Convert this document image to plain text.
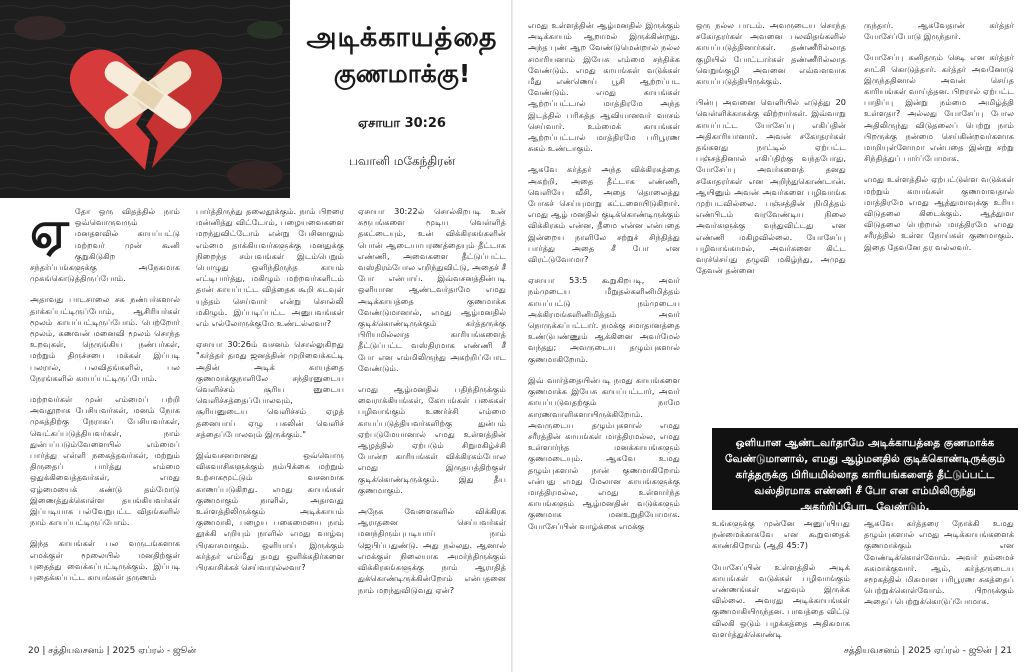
அடிக்காயத்தை
குணமாக்கு!
ஏசாயா 30:26
பவானி மகேந்திரன்

ஏதோ ஒரு விதத்தில் நாம் ஒவ்வொருவரும் மனதளவில் காயப்பட்டு மற்றவர் முன் கூனி குறுகிடுகிற சந்தர்ப்பங்களுக்கு அநேகமாக முகங்கொடுத்திருப்போம்.

அதாவது பாடசாலை சக நண்பர்களால் தாக்கப்பட்டிருப்போம், ஆசிரியர்கள் மூலம் காயப்பட்டிருப்போம். பெற்றோர் மூலம், கணவன் மனைவி மூலம் சொந்த உறவுகள், நெருங்கிய நண்பர்கள், மற்றும் திருச்சபை மக்கள் இப்படி பலரால், பலவிதங்களில், பல நேரங்களில் காயப்பட்டிருப்போம்.

மற்றவர்கள் முன் எம்மைப் பற்றி அவதூறாக பேசியவர்கள், மனம் நோக முகத்திற்கு நேராகப் பேசியவர்கள், வெட்கப்படுத்தியவர்கள், நாம் துன்பப்படும்வேளையில் எம்மைப் பார்த்து எள்ளி நகைத்தவர்கள், மற்றும் திருதைப் பார்த்து எம்மை ஒதுக்கிவைத்தவர்கள், எமது ஏழ்மையைக் கண்டு தம்மோடு இணைத்துக்கொள்ள தயங்கியவர்கள் இப்படியாக பல்வேறுபட்ட விதங்களில் நாம் காயப்பட்டிருப்போம்.

இந்த காயங்கள் பல வருடங்களாக எமக்குள் மூலையில் மனதிற்குள் புதைத்து வைக்கப்பட்டிருக்கும். இப்படி புதைக்கப்பட்ட காயங்கள் தருணம்

பார்த்திருந்து தலைதூக்கும். நாம் பிறரை மன்னித்து விட்டோம், பழையவைகளை மறந்துவிட்டோம் என்று பேசினாலும் எம்மை தாக்கியவர்களுக்கு மனதுக்கு நிறைந்த சம்பவங்கள் இடம்பெறும் பொழுது ஒளிந்திருந்த காயம் எட்டிபார்த்து, மகிழும் மற்றவர்களிடம் தான் காயப்பட்ட வித்தைக கூறி கடவுள் யுத்தம் செய்வார் என்று சொல்லி மகிழும். இப்படிப்பட்ட அனுபவங்கள் எம் எல்லோருக்குமே உண்டல்லவா?

ஏசாயா 30:26ம் வசனம் சொல்லுகிறது "கர்த்தர் தமது ஜனத்தின் முறிவைக்கட்டி அதின் அடிக் காயத்தை குணமாக்குநாளிலே சந்திரனுடைய வெளிச்சம் சூரிய னுடைய வெளிச்சத்தைப்போலவும், சூரியனுடைய வெளிச்சம் ஏழத் தனையாய் ஏழு பகலின் வெளிச் சத்தைப்போலவும் இருக்கும்."

இவ்வசனமானது ஒவ்வொரு விசுவாசிகளுக்கும் நம்பிக்கை மற்றும் உற்சாகமூட்டும் வசனமாக காணப்படுகிறது. எமது காயங்கள் குணமாகும் நாளில், அதாவது உள்ளத்திலிருக்கும் அடிக்காயம் குணமாகி, பழைய பகைமையை நாம் தூக்கி எறியும் நாளில் எமது வாழ்வு பிரகாசமாகும். ஒளியாய் இருக்கும் கர்த்தர் எம்மீது தமது ஒளிக்கதிர்களை பிரகாசிக்கச் செய்வாரல்லவா?

ஏசாயா 30:22ல் சொல்கிறபடி உன் சுரூபங்களை மூடிய வெள்ளித் தகட்டையும், உன் விக்கிரகங்களின் பொன் ஆடையாபரணத்தையும் தீட்டாக எண்ணி, அவைகளை தீட்டுப்பட்ட வஸ்திரம்போல எறிந்துவிட்டு, அதைச் சீ போ என்பாய். இவ்வசனத்தின்படி ஒளியான ஆண்டவர்தாமே எமது அடிக்காயத்தை குணமாக்க வேண்டுமானால், எமது ஆழ்மனதில் குடிக்கொண்டிருக்கும் கர்த்தருக்கு பிரியமில்லாத காரியங்களைத் தீட்டுப்பட்ட வஸ்திரமாக எண்ணி சீ போ என எம்மிலிருந்து அகற்றிப்போட வேண்டும்.

எமது ஆழ்மனதில் பதிந்திருக்கும் வைராக்கியங்கள், கோபங்கள் பகைகள் பழிவாங்கும் உணர்ச்சி எம்மை காயப்படுத்தியவர்களிற்கு துன்பம் ஏற்படுமேயானால் எமது உள்ளத்தின் ஆழத்தில் ஏற்படும் சிறுமகிழ்ச்சி போன்ற காரியங்கள் விக்கிரகம்போல எமது இருதயத்திற்குள் குடிக்கொண்டிருக்கும். இது தீய குணமாகும்.

அநேக வேளைகளில் விக்கிரக ஆராதனை செய்பவர்கள் மனந்திரும்புபடியாய் நாம் ஜெபிப்பதுண்டு. அது நல்லது. ஆனால் எமக்குள் நிலையாக அமர்ந்திருக்கும் விக்கிரகங்களுக்கு நாம் ஆராதித் துக்கொண்டிருக்கின்றோம் என்பதனை நாம் மறந்துவிடுவது ஏன்?

20 | சத்தியவசனம் | 2025 ஏப்ரல் - ஜூன்	சத்தியவசனம் | 2025 ஏப்ரல் - ஜூன் | 21

எமது உள்ளத்தின் ஆழ்மனதில் இருக்கும் அடிக்காயம் ஆறாமல் இருக்கின்றது. அந்த புண் ஆற வேண்டுமென்றால் நல்ல சமாரியனாம் இயேசு எம்மை சந்திக்க வேண்டும். எமது காயங்கள் வடுக்கள் மீது எண்ணெய் பூசி ஆற்றப்பட வேண்டும். எமது காயங்கள் ஆற்றப்பட்டால் மாத்திரமே அந்த இடத்தில் பரிசுத்த ஆவியானவர் வாசம் செய்வார். உம்மைக் காயங்கள் ஆற்றப்பட்டால் மாத்திரமே பரிபூரண சுகம் உண்டாகும்.

ஆகவே கர்த்தர் அந்த விக்கிரகத்தை அகற்றி, அதை தீட்டாக எண்ணி, வெளியே வீசி, அதை தொலைத்து போகச் செய்யுமாறு கட்டளையிடுகிறார். எமது ஆழ் மனதில் குடிக்கொண்டிருக்கும் விக்கிரகம் என்ன, தீமை என்ன என்பதை இன்றைய நாளிலே சற்றுச் சிந்தித்து பார்த்து அதை சீ போ என விரட்டுவோமா?

ஏசாயா 53:5 கூறுகிறபடி, அவர் நம்முடைய மீறுதல்களினிமித்தம் காயப்பட்டு நம்முடைய அக்கிரமங்களினிமித்தம் அவர் நொருக்கப்பட்டார். நமக்கு சமாதானத்தை உண்டுபண்ணும் ஆக்கினை அவர்மேல் வந்தது; அவருடைய தழும்புகளால் குணமாகிறோம்.

இவ் வார்த்தையின்படி நமது காயங்களை குணமாக்க இயேசு காயப்பட்டார், அவர் காயப்படுவதற்கும் நாமே காரணவாளிகளாயிருக்கிறோம். அவருடைய தழும்புகளால் எமது சரீரத்தின் காயங்கள் மாத்திரமல்ல, எமது உள்ளார்ந்த மனக்காயங்களும் குணமடையும். ஆகவே உமது தழும்புகளால் நான் குணமாகிறோம் என்பது எமது மேலான காயங்களுக்கு மாத்திரமல்ல, எமது உள்ளார்ந்த காயங்களும் ஆழ்மனதின் வடுக்களும் குணமாக மனஉறுதியோமாக. யோசேப்பின் வாழ்க்கை எமக்கு

ஒரு நல்ல பாடம். அவருடைய சொந்த சகோதரர்கள் அவனை பலவிதங்களில் காயப்படுத்தினார்கள். தண்ணீரில்லாத குழியில் போட்டார்கள் தண்ணீரில்லாத வெறுங்குழி அவனை எவ்வளவாக காயப்படுத்தியிருக்கும்.

பின்பு அவனை வெளியில் எடுத்து 20 வெள்ளிக்காசுக்கு விற்றார்கள். இவ்வாறு காயப்பட்ட யோசேப்பு எகிப்தின் அதிகாரியானார். அவன் சகோதரர்கள் தங்களது நாட்டில் ஏற்பட்ட பஞ்சத்தினால் எகிப்திற்கு வந்தபோது, யோசேப்பு அவர்களைத் தனது சகோதரர்கள் என அறிந்துகொண்டான். ஆயினும் அவன் அவர்களை பழிவாங்க முற்படவில்லை. பஞ்சத்தின் நிமித்தம் எண்பிடம் வரவேண்டிய நிலை அவர்களுக்கு வந்துவிட்டது என எண்ணி மகிழவில்லை. யோசேப்பு பழிவாங்காமல், அவர்களை கிட்ட வரச்செய்து தழுவி மகிழ்ந்து, அமுது தேவன் தன்னை

ருந்தார். ஆகவேதான் கர்த்தர் யோசேப்போடு இருந்தார்.

யோசேப்பு கனிதரும் செடி என கர்த்தர் சாட்சி கொடுத்தார். கர்த்தர் அவனோடு இருந்ததினால் அவன் செய்த காரியங்கள் வாய்த்தன. பிறரால் ஏற்பட்ட பாதிப்பு இன்று நம்மை அமிழ்த்தி உள்ளதா? அல்லது யோசேப்பு போல அதிலிருந்து விடுதலைப் பெற்று நாம் பிறருக்கு நன்மை செய்கின்றவர்களாக மாறியுள்ளோமா என்பதை இன்று சற்று சிந்தித்துப் பார்ப்போமாக.

எமது உள்ளத்தில் ஏற்பட்டுள்ள வடுக்கள் மற்றும் காயங்கள் குணமாவதால் மாத்திரமே எமது ஆத்துமாவுக்கு உரிய விடுதலை கிடைக்கும். ஆத்துமா விடுதலை பெற்றால் மாத்திரமே எமது சரீரத்தில் உள்ள நோய்கள் குணமாகும். இதை தேவனே தர வல்லவர்.

ஒளியான ஆண்டவர்தாமே அடிக்காயத்தை குணமாக்க வேண்டுமானால், எமது ஆழ்மனதில் குடிக்கொண்டிருக்கும் கர்த்தருக்கு பிரியமில்லாத காரியங்களைத் தீட்டுப்பட்ட வஸ்திரமாக எண்ணி சீ போ என எம்மிலிருந்து அகற்றிப்போட வேண்டும்.

உங்களுக்கு முன்னே அனுப்பியது நன்மைக்காகவே என கூறுவதைக் காண்கிறோம் (ஆதி 45:7)

யோசேப்பின் உள்ளத்தில் அடிக் காயங்கள் வடுக்கள் பழிவாங்கும் எண்ணங்கள் எதுவும் இருக்க வில்லை. அவரது அடிக்காயங்கள் குணமாகியிருந்தன. பாவத்தை விட்டு விலகி ஒடும் பழக்கத்தை அதிகமாக வளர்த்துக்கொண்டி

ஆகவே கர்த்தரை நோக்கி உமது தழும்புகளால் எமது அடிக்காயங்களைக் குணமாக்கும் என வேண்டிக்கொள்வோம். அவர் நம்மைச் சுகமாக்குவார். ஆம், கர்த்தருடைய சமூகத்தில் மிகமான பரிபூரண சுகத்தைப் பெற்றுக்கொள்வோம். பிறருக்கும் அதைப் பெற்றுக்கொடுப்போமாக.
